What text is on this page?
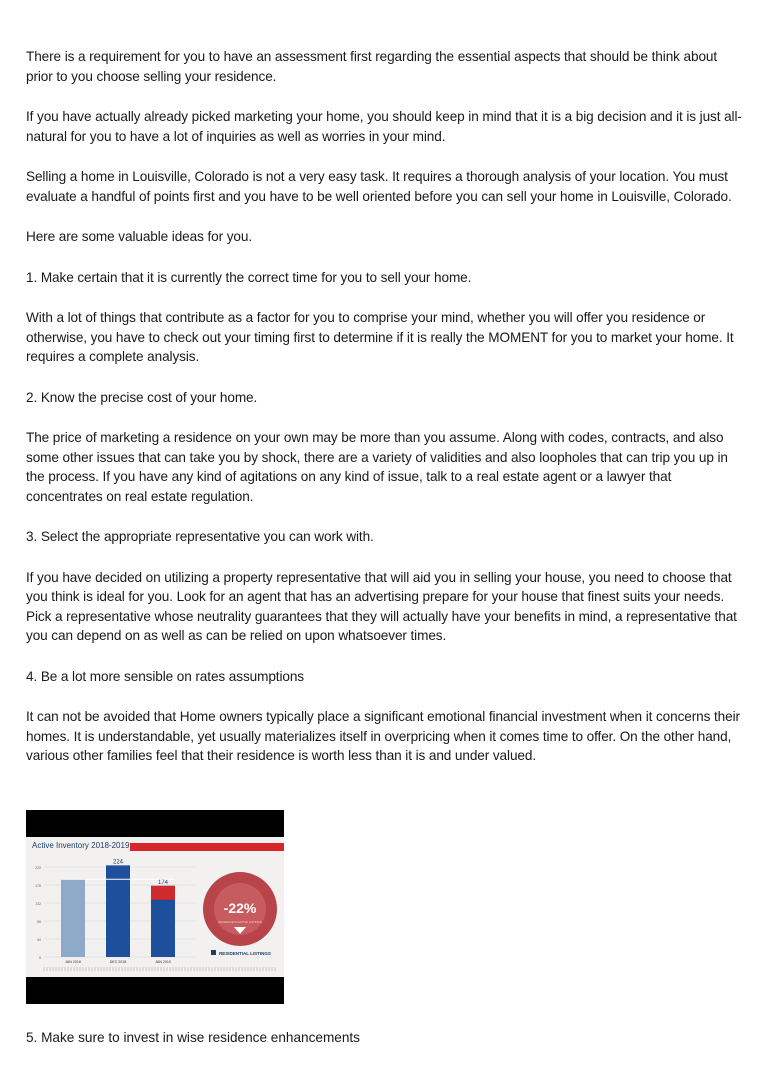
There is a requirement for you to have an assessment first regarding the essential aspects that should be think about prior to you choose selling your residence.

If you have actually already picked marketing your home, you should keep in mind that it is a big decision and it is just all-natural for you to have a lot of inquiries as well as worries in your mind.

Selling a home in Louisville, Colorado is not a very easy task. It requires a thorough analysis of your location. You must evaluate a handful of points first and you have to be well oriented before you can sell your home in Louisville, Colorado.

Here are some valuable ideas for you.

1. Make certain that it is currently the correct time for you to sell your home.

With a lot of things that contribute as a factor for you to comprise your mind, whether you will offer you residence or otherwise, you have to check out your timing first to determine if it is really the MOMENT for you to market your home. It requires a complete analysis.

2. Know the precise cost of your home.

The price of marketing a residence on your own may be more than you assume. Along with codes, contracts, and also some other issues that can take you by shock, there are a variety of validities and also loopholes that can trip you up in the process. If you have any kind of agitations on any kind of issue, talk to a real estate agent or a lawyer that concentrates on real estate regulation.

3. Select the appropriate representative you can work with.

If you have decided on utilizing a property representative that will aid you in selling your house, you need to choose that you think is ideal for you. Look for an agent that has an advertising prepare for your house that finest suits your needs. Pick a representative whose neutrality guarantees that they will actually have your benefits in mind, a representative that you can depend on as well as can be relied on upon whatsoever times.

4. Be a lot more sensible on rates assumptions

It can not be avoided that Home owners typically place a significant emotional financial investment when it concerns their homes. It is understandable, yet usually materializes itself in overpricing when it comes time to offer. On the other hand, various other families feel that their residence is worth less than it is and under valued.

Active Inventory 2018-2019
220
176
132
88
44
0
JAN 2018
224
DEC 2018
174
JAN 2019
-22%
DECREASE IN ACTIVE LISTINGS
RESIDENTIAL LISTINGS
5. Make sure to invest in wise residence enhancements
